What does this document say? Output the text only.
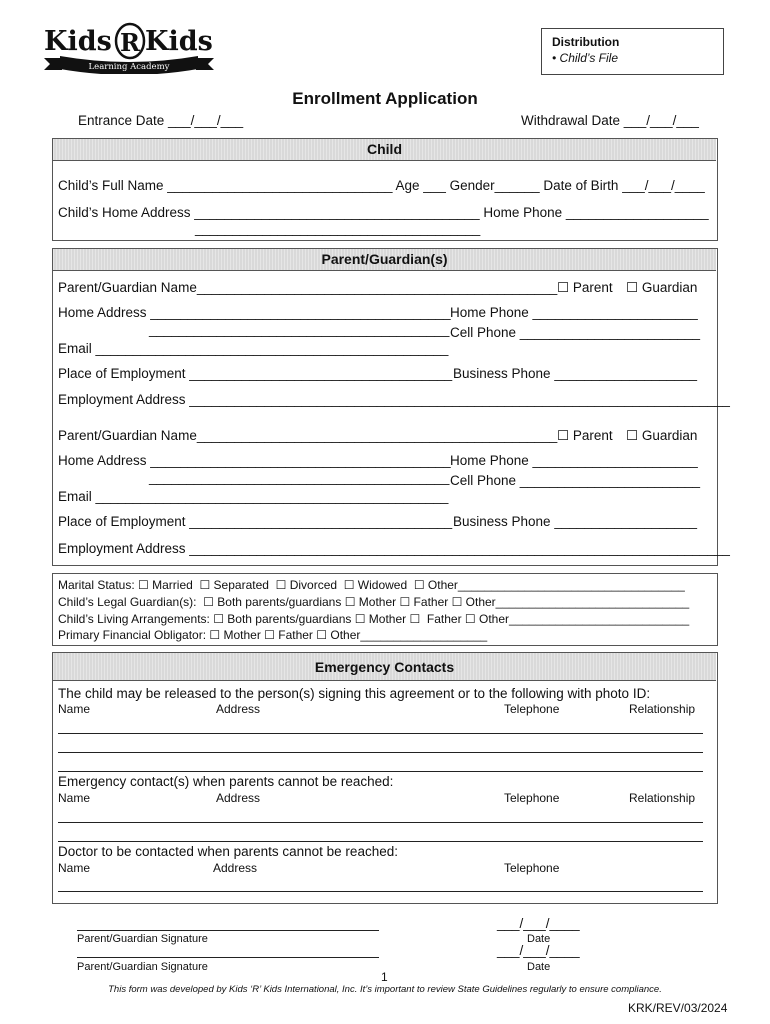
Kids R Kids
Learning Academy
Distribution
• Child’s File
Enrollment Application
Entrance Date ___/___/___	Withdrawal Date ___/___/___
Child
Child’s Full Name ______________________________ Age ___ Gender______ Date of Birth ___/___/____
Child’s Home Address ______________________________________ Home Phone ___________________
______________________________________
Parent/Guardian(s)
Parent/Guardian Name________________________________________________ ☐ Parent ☐ Guardian
Home Address ________________________________________ Home Phone ______________________
________________________________________ Cell Phone ________________________
Email _______________________________________________
Place of Employment ___________________________________ Business Phone ___________________
Employment Address ________________________________________________________________________
Parent/Guardian Name________________________________________________ ☐ Parent ☐ Guardian
Home Address ________________________________________ Home Phone ______________________
________________________________________ Cell Phone ________________________
Email _______________________________________________
Place of Employment ___________________________________ Business Phone ___________________
Employment Address ________________________________________________________________________
Marital Status: ☐ Married  ☐ Separated  ☐ Divorced  ☐ Widowed  ☐ Other__________________________________
Child’s Legal Guardian(s):  ☐ Both parents/guardians ☐ Mother ☐ Father ☐ Other_____________________________
Child’s Living Arrangements: ☐ Both parents/guardians ☐ Mother ☐  Father ☐ Other___________________________
Primary Financial Obligator: ☐ Mother ☐ Father ☐ Other___________________
Emergency Contacts
The child may be released to the person(s) signing this agreement or to the following with photo ID:
Name	Address	Telephone	Relationship
Emergency contact(s) when parents cannot be reached:
Name	Address	Telephone	Relationship
Doctor to be contacted when parents cannot be reached:
Name	Address	Telephone
Parent/Guardian Signature
___/___/____
Date
Parent/Guardian Signature
___/___/____
Date
1
This form was developed by Kids ‘R’ Kids International, Inc. It’s important to review State Guidelines regularly to ensure compliance.
KRK/REV/03/2024
